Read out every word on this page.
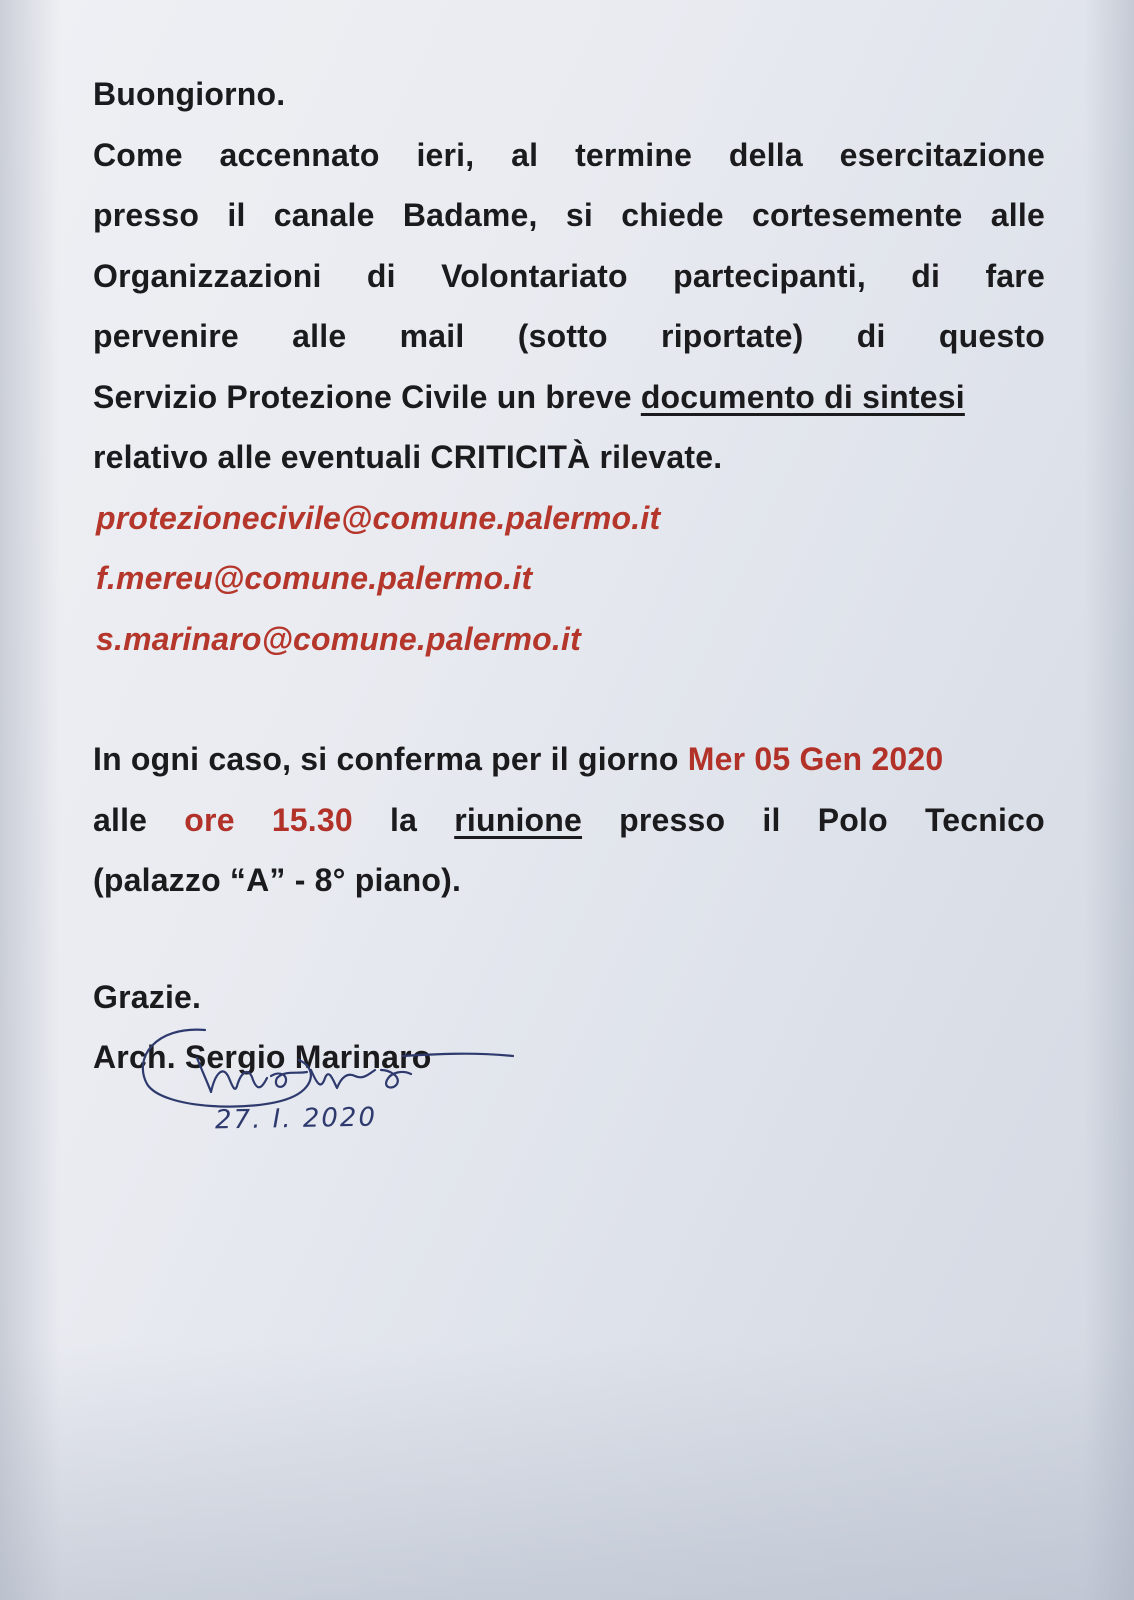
Buongiorno.

Come accennato ieri, al termine della esercitazione

presso il canale Badame, si chiede cortesemente alle

Organizzazioni di Volontariato partecipanti, di fare

pervenire alle mail (sotto riportate) di questo

Servizio Protezione Civile un breve documento di sintesi

relativo alle eventuali CRITICITÀ rilevate.

protezionecivile@comune.palermo.it
f.mereu@comune.palermo.it
s.marinaro@comune.palermo.it

In ogni caso, si conferma per il giorno Mer 05 Gen 2020

alle ore 15.30 la riunione presso il Polo Tecnico

(palazzo “A” - 8° piano).

Grazie.

Arch. Sergio Marinaro

27. I. 2020
